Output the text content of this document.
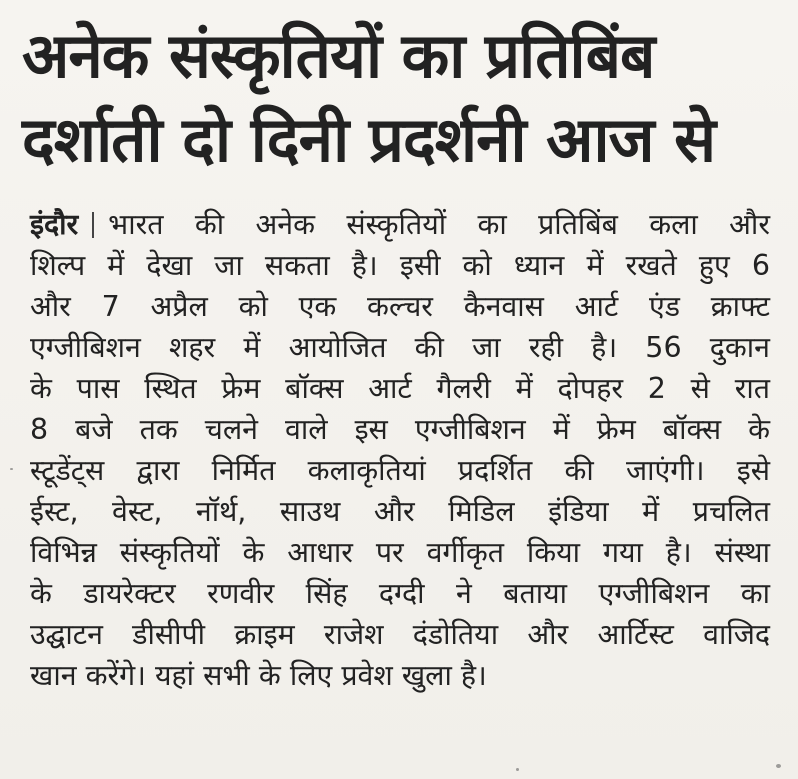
अनेक संस्कृतियों का प्रतिबिंब
दर्शाती दो दिनी प्रदर्शनी आज से
इंदौर भारत की अनेक संस्कृतियों का प्रतिबिंब कला और
शिल्प में देखा जा सकता है। इसी को ध्यान में रखते हुए 6
और 7 अप्रैल को एक कल्चर कैनवास आर्ट एंड क्राफ्ट
एग्जीबिशन शहर में आयोजित की जा रही है। 56 दुकान
के पास स्थित फ्रेम बॉक्स आर्ट गैलरी में दोपहर 2 से रात
8 बजे तक चलने वाले इस एग्जीबिशन में फ्रेम बॉक्स के
स्टूडेंट्स द्वारा निर्मित कलाकृतियां प्रदर्शित की जाएंगी। इसे
ईस्ट, वेस्ट, नॉर्थ, साउथ और मिडिल इंडिया में प्रचलित
विभिन्न संस्कृतियों के आधार पर वर्गीकृत किया गया है। संस्था
के डायरेक्टर रणवीर सिंह दग्दी ने बताया एग्जीबिशन का
उद्घाटन डीसीपी क्राइम राजेश दंडोतिया और आर्टिस्ट वाजिद
खान करेंगे। यहां सभी के लिए प्रवेश खुला है।
